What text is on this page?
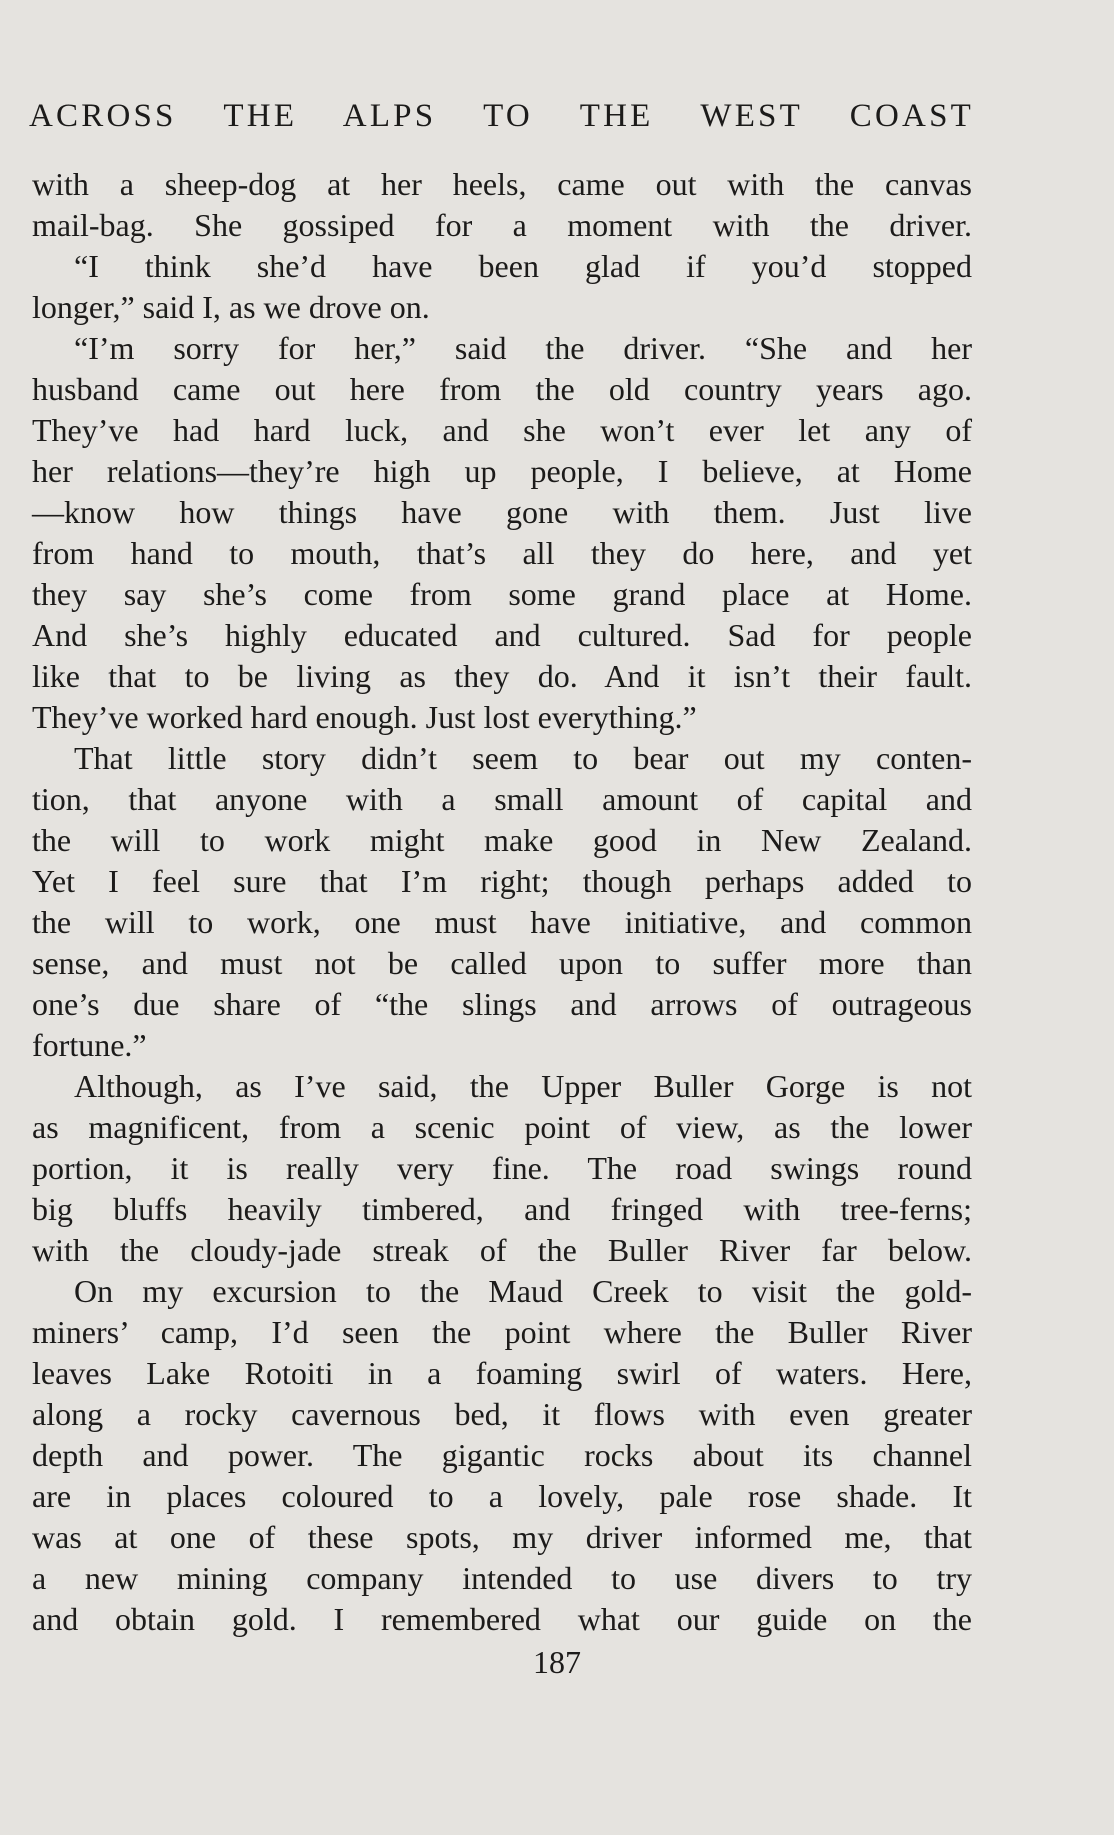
ACROSS THE ALPS TO THE WEST COAST
with a sheep-dog at her heels, came out with the canvas
mail-bag. She gossiped for a moment with the driver.
“I think she’d have been glad if you’d stopped
longer,” said I, as we drove on.
“I’m sorry for her,” said the driver. “She and her
husband came out here from the old country years ago.
They’ve had hard luck, and she won’t ever let any of
her relations—they’re high up people, I believe, at Home
—know how things have gone with them. Just live
from hand to mouth, that’s all they do here, and yet
they say she’s come from some grand place at Home.
And she’s highly educated and cultured. Sad for people
like that to be living as they do. And it isn’t their fault.
They’ve worked hard enough. Just lost everything.”
That little story didn’t seem to bear out my conten-
tion, that anyone with a small amount of capital and
the will to work might make good in New Zealand.
Yet I feel sure that I’m right; though perhaps added to
the will to work, one must have initiative, and common
sense, and must not be called upon to suffer more than
one’s due share of “the slings and arrows of outrageous
fortune.”
Although, as I’ve said, the Upper Buller Gorge is not
as magnificent, from a scenic point of view, as the lower
portion, it is really very fine. The road swings round
big bluffs heavily timbered, and fringed with tree-ferns;
with the cloudy-jade streak of the Buller River far below.
On my excursion to the Maud Creek to visit the gold-
miners’ camp, I’d seen the point where the Buller River
leaves Lake Rotoiti in a foaming swirl of waters. Here,
along a rocky cavernous bed, it flows with even greater
depth and power. The gigantic rocks about its channel
are in places coloured to a lovely, pale rose shade. It
was at one of these spots, my driver informed me, that
a new mining company intended to use divers to try
and obtain gold. I remembered what our guide on the
187
